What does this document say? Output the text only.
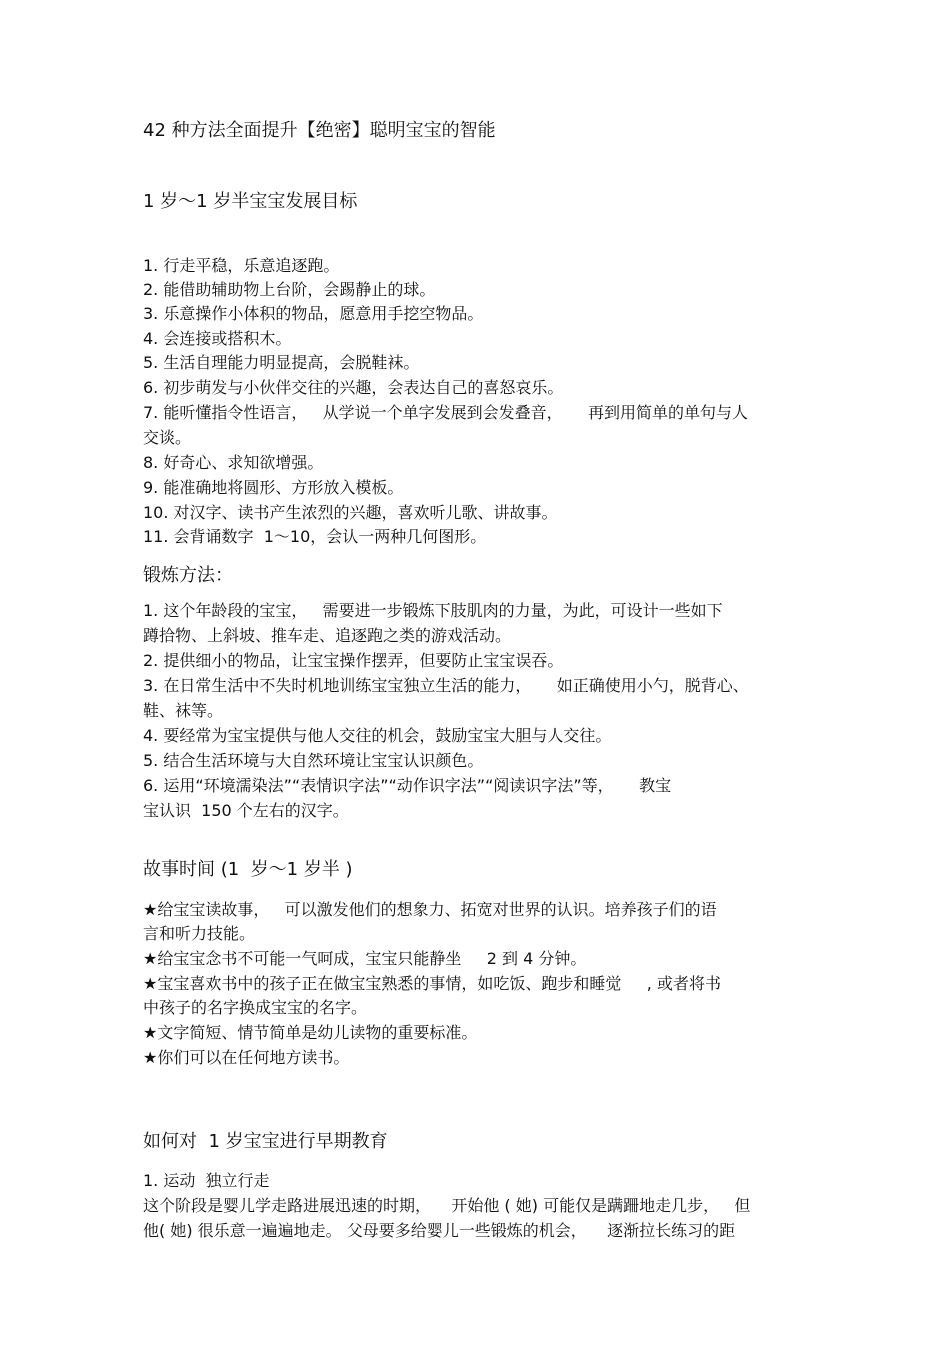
42 种方法全面提升【绝密】聪明宝宝的智能
1 岁～1 岁半宝宝发展目标
1. 行走平稳，乐意追逐跑。
2. 能借助辅助物上台阶，会踢静止的球。
3. 乐意操作小体积的物品，愿意用手挖空物品。
4. 会连接或搭积木。
5. 生活自理能力明显提高，会脱鞋袜。
6. 初步萌发与小伙伴交往的兴趣，会表达自己的喜怒哀乐。
7. 能听懂指令性语言，   从学说一个单字发展到会发叠音，     再到用简单的单句与人
交谈。
8. 好奇心、求知欲增强。
9. 能准确地将圆形、方形放入模板。
10. 对汉字、读书产生浓烈的兴趣，喜欢听儿歌、讲故事。
11. 会背诵数字  1～10，会认一两种几何图形。
锻炼方法：
1. 这个年龄段的宝宝，   需要进一步锻炼下肢肌肉的力量，为此，可设计一些如下
蹲拾物、上斜坡、推车走、追逐跑之类的游戏活动。
2. 提供细小的物品，让宝宝操作摆弄，但要防止宝宝误吞。
3. 在日常生活中不失时机地训练宝宝独立生活的能力，     如正确使用小勺，脱背心、
鞋、袜等。
4. 要经常为宝宝提供与他人交往的机会，鼓励宝宝大胆与人交往。
5. 结合生活环境与大自然环境让宝宝认识颜色。
6. 运用“环境濡染法”“表情识字法”“动作识字法”“阅读识字法”等，     教宝
宝认识  150 个左右的汉字。
故事时间 (1  岁～1 岁半 )
★给宝宝读故事，   可以激发他们的想象力、拓宽对世界的认识。培养孩子们的语
言和听力技能。
★给宝宝念书不可能一气呵成，宝宝只能静坐     2 到 4 分钟。
★宝宝喜欢书中的孩子正在做宝宝熟悉的事情，如吃饭、跑步和睡觉     , 或者将书
中孩子的名字换成宝宝的名字。
★文字简短、情节简单是幼儿读物的重要标准。
★你们可以在任何地方读书。
如何对  1 岁宝宝进行早期教育
1. 运动  独立行走
这个阶段是婴儿学走路进展迅速的时期，    开始他 ( 她) 可能仅是蹒跚地走几步，   但
他( 她) 很乐意一遍遍地走。 父母要多给婴儿一些锻炼的机会，    逐渐拉长练习的距
